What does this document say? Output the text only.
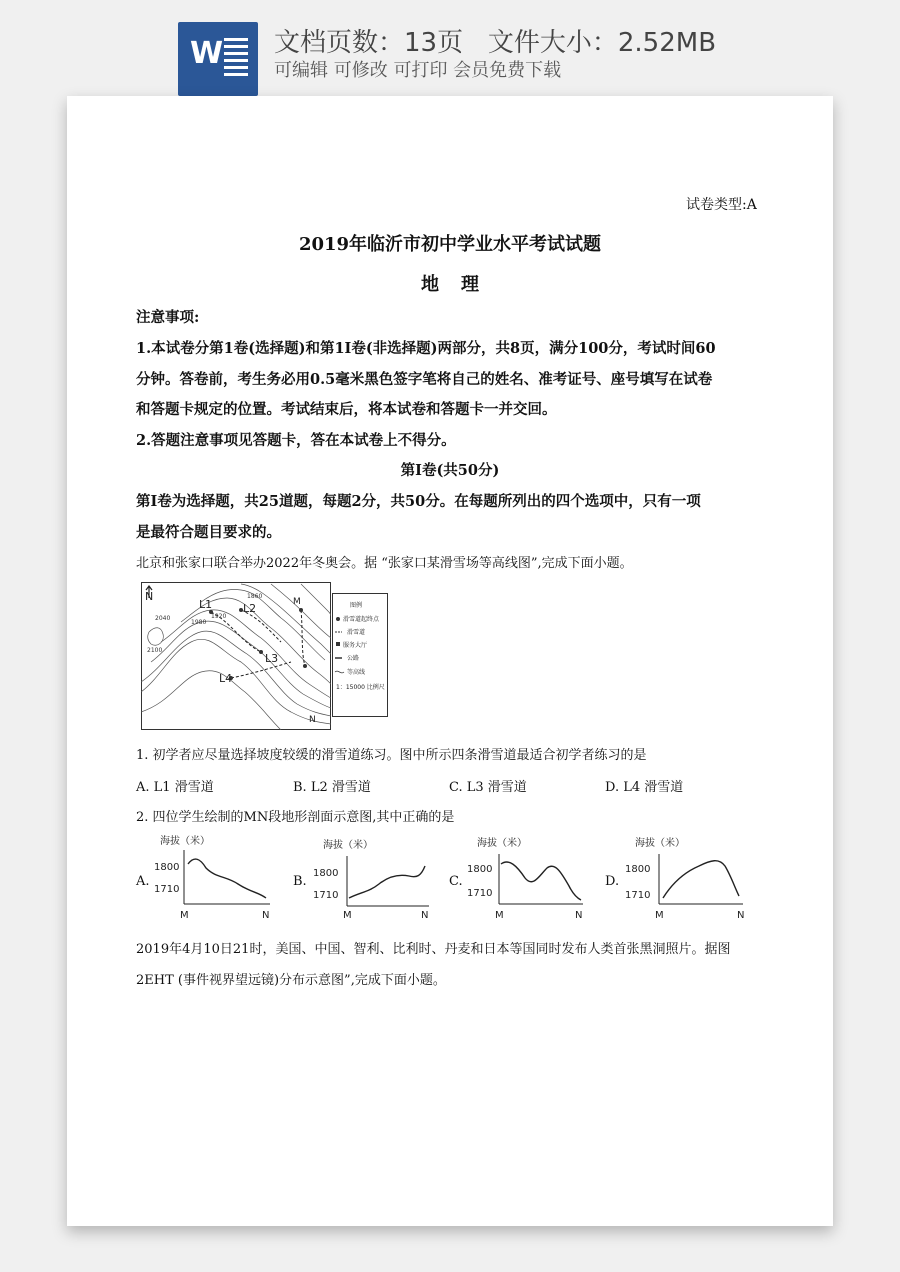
W 文档页数：13页   文件大小：2.52MB
可编辑 可修改 可打印 会员免费下载
试卷类型:A
2019年临沂市初中学业水平考试试题
地理
注意事项:
1.本试卷分第1卷(选择题)和第1I卷(非选择题)两部分，共8页，满分100分，考试时间60
分钟。答卷前，考生务必用0.5毫米黑色签字笔将自己的姓名、准考证号、座号填写在试卷
和答题卡规定的位置。考试结束后，将本试卷和答题卡一并交回。
2.答题注意事项见答题卡，答在本试卷上不得分。
第I卷(共50分)
第I卷为选择题，共25道题，每题2分，共50分。在每题所列出的四个选项中，只有一项
是最符合题目要求的。
北京和张家口联合举办2022年冬奥会。据 “张家口某滑雪场等高线图”,完成下面小题。
N
L1	L2
L3
L4
M
N
2040	1920
1860
1980
2100
图例
滑雪道起终点
滑雪道
服务大厅
公路
等高线
1：15000 比例尺
1. 初学者应尽量选择坡度较缓的滑雪道练习。图中所示四条滑雪道最适合初学者练习的是
A. L1 滑雪道	B. L2 滑雪道	C. L3 滑雪道	D. L4 滑雪道
2. 四位学生绘制的MN段地形剖面示意图,其中正确的是
A.
海拔（米）
1800
1710
M	N
B.
海拔（米）
1800
1710
M	N
C.
海拔（米）
1800
1710
M	N
D.
海拔（米）
1800
1710
M	N
2019年4月10日21时，美国、中国、智利、比利时、丹麦和日本等国同时发布人类首张黑洞照片。据图
2EHT (事件视界望远镜)分布示意图”,完成下面小题。
